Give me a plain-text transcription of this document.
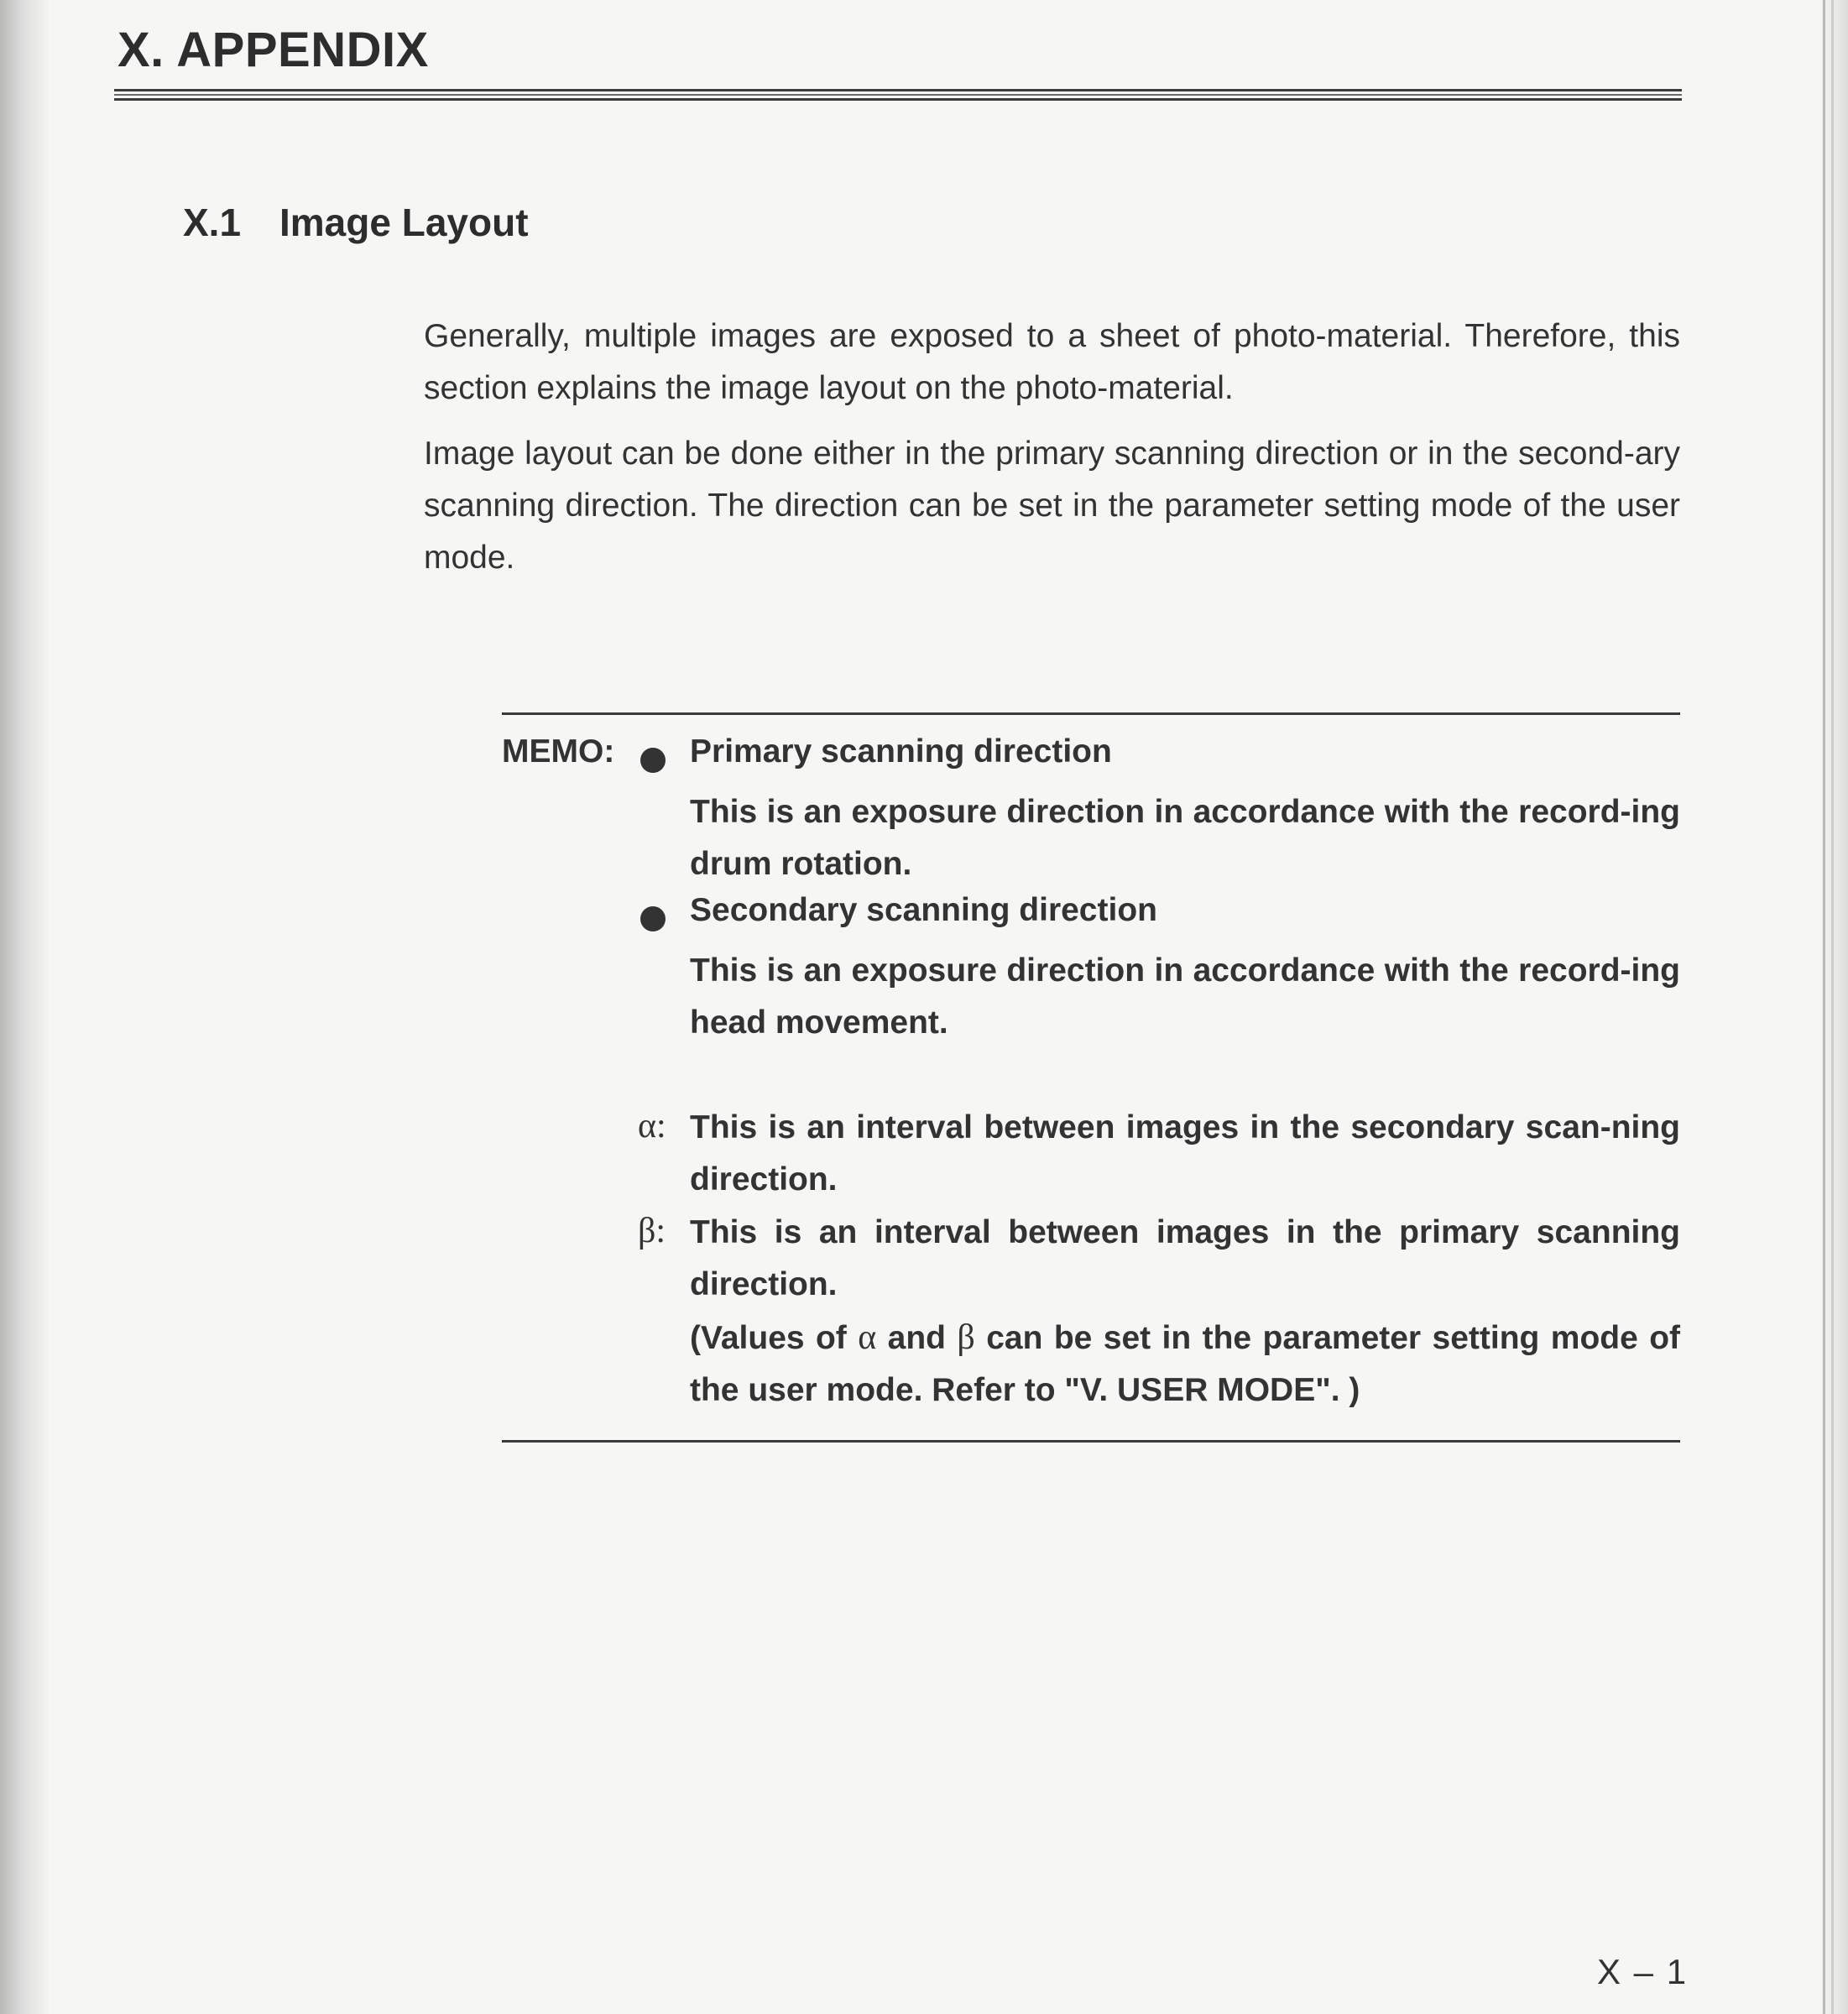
X. APPENDIX
X.1 Image Layout

Generally, multiple images are exposed to a sheet of photo-material. Therefore, this section explains the image layout on the photo-material.

Image layout can be done either in the primary scanning direction or in the second-ary scanning direction. The direction can be set in the parameter setting mode of the user mode.

MEMO: Primary scanning direction

This is an exposure direction in accordance with the record-ing drum rotation.

Secondary scanning direction

This is an exposure direction in accordance with the record-ing head movement.

α: This is an interval between images in the secondary scan-ning direction.

β: This is an interval between images in the primary scanning direction.

(Values of α and β can be set in the parameter setting mode of the user mode. Refer to "V. USER MODE". )

X – 1
